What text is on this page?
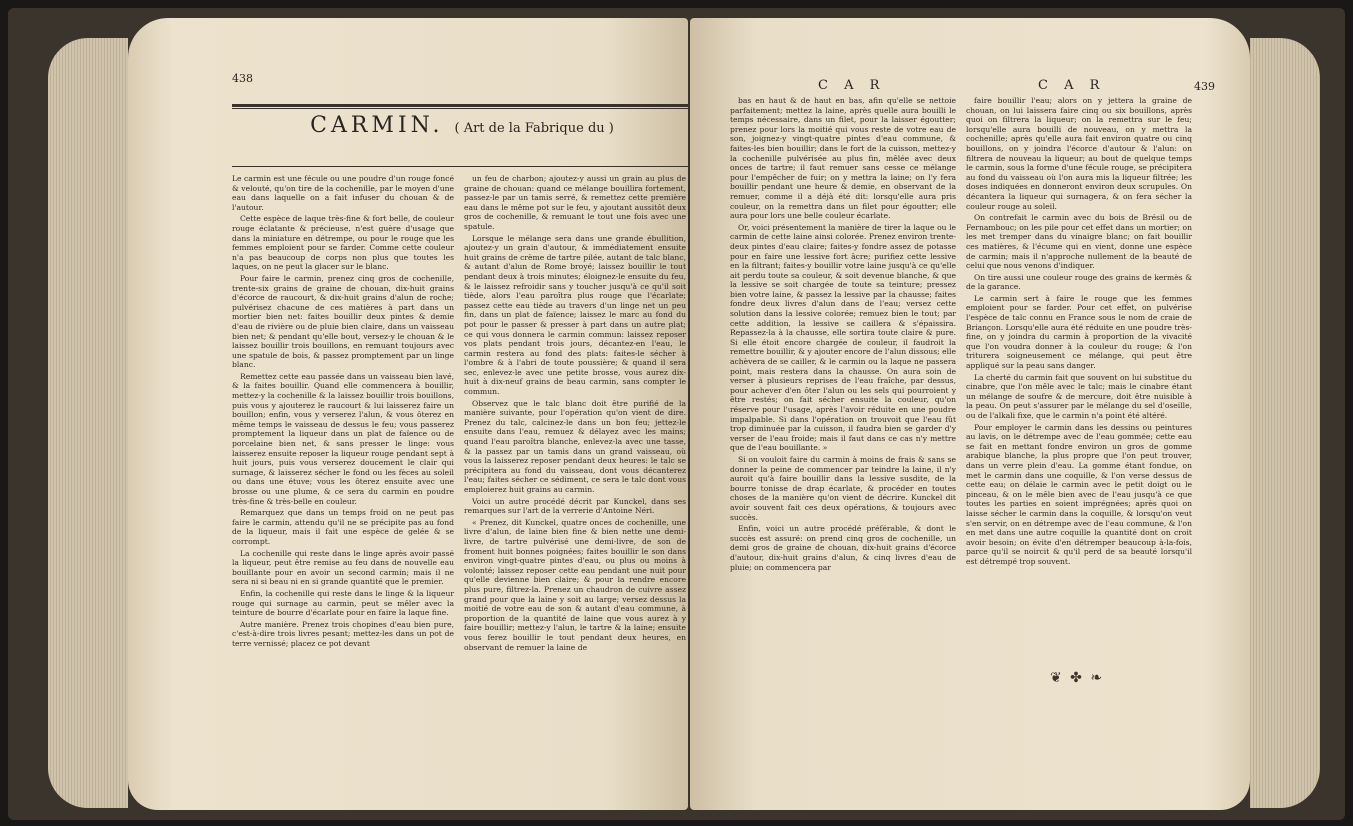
438
CARMIN. ( Art de la Fabrique du )

Le carmin est une fécule ou une poudre d'un rouge foncé & velouté, qu'on tire de la cochenille, par le moyen d'une eau dans laquelle on a fait infuser du chouan & de l'autour.

Cette espèce de laque très-fine & fort belle, de couleur rouge éclatante & précieuse, n'est guère d'usage que dans la miniature en détrempe, ou pour le rouge que les femmes emploient pour se farder. Comme cette couleur n'a pas beaucoup de corps non plus que toutes les laques, on ne peut la glacer sur le blanc.

Pour faire le carmin, prenez cinq gros de cochenille, trente-six grains de graine de chouan, dix-huit grains d'écorce de raucourt, & dix-huit grains d'alun de roche; pulvérisez chacune de ces matières à part dans un mortier bien net: faites bouillir deux pintes & demie d'eau de rivière ou de pluie bien claire, dans un vaisseau bien net; & pendant qu'elle bout, versez-y le chouan & le laissez bouillir trois bouillons, en remuant toujours avec une spatule de bois, & passez promptement par un linge blanc.

Remettez cette eau passée dans un vaisseau bien lavé, & la faites bouillir. Quand elle commencera à bouillir, mettez-y la cochenille & la laissez bouillir trois bouillons, puis vous y ajouterez le raucourt & lui laisserez faire un bouillon; enfin, vous y verserez l'alun, & vous ôterez en même temps le vaisseau de dessus le feu; vous passerez promptement la liqueur dans un plat de faïence ou de porcelaine bien net, & sans presser le linge: vous laisserez ensuite reposer la liqueur rouge pendant sept à huit jours, puis vous verserez doucement le clair qui surnage, & laisserez sécher le fond ou les fèces au soleil ou dans une étuve; vous les ôterez ensuite avec une brosse ou une plume, & ce sera du carmin en poudre très-fine & très-belle en couleur.

Remarquez que dans un temps froid on ne peut pas faire le carmin, attendu qu'il ne se précipite pas au fond de la liqueur, mais il fait une espèce de gelée & se corrompt.

La cochenille qui reste dans le linge après avoir passé la liqueur, peut être remise au feu dans de nouvelle eau bouillante pour en avoir un second carmin; mais il ne sera ni si beau ni en si grande quantité que le premier.

Enfin, la cochenille qui reste dans le linge & la liqueur rouge qui surnage au carmin, peut se mêler avec la teinture de bourre d'écarlate pour en faire la laque fine.

Autre manière. Prenez trois chopines d'eau bien pure, c'est-à-dire trois livres pesant; mettez-les dans un pot de terre vernissé; placez ce pot devant

un feu de charbon; ajoutez-y aussi un grain au plus de graine de chouan: quand ce mélange bouillira fortement, passez-le par un tamis serré, & remettez cette première eau dans le même pot sur le feu, y ajoutant aussitôt deux gros de cochenille, & remuant le tout une fois avec une spatule.

Lorsque le mélange sera dans une grande ébullition, ajoutez-y un grain d'autour, & immédiatement ensuite huit grains de crème de tartre pilée, autant de talc blanc, & autant d'alun de Rome broyé; laissez bouillir le tout pendant deux à trois minutes; éloignez-le ensuite du feu, & le laissez refroidir sans y toucher jusqu'à ce qu'il soit tiède, alors l'eau paroîtra plus rouge que l'écarlate; passez cette eau tiède au travers d'un linge net un peu fin, dans un plat de faïence; laissez le marc au fond du pot pour le passer & presser à part dans un autre plat; ce qui vous donnera le carmin commun: laissez reposer vos plats pendant trois jours, décantez-en l'eau, le carmin restera au fond des plats: faites-le sécher à l'ombre & à l'abri de toute poussière; & quand il sera sec, enlevez-le avec une petite brosse, vous aurez dix-huit à dix-neuf grains de beau carmin, sans compter le commun.

Observez que le talc blanc doit être purifié de la manière suivante, pour l'opération qu'on vient de dire. Prenez du talc, calcinez-le dans un bon feu; jettez-le ensuite dans l'eau, remuez & délayez avec les mains; quand l'eau paroîtra blanche, enlevez-la avec une tasse, & la passez par un tamis dans un grand vaisseau, où vous la laisserez reposer pendant deux heures: le talc se précipitera au fond du vaisseau, dont vous décanterez l'eau; faites sécher ce sédiment, ce sera le talc dont vous emploierez huit grains au carmin.

Voici un autre procédé décrit par Kunckel, dans ses remarques sur l'art de la verrerie d'Antoine Néri.

« Prenez, dit Kunckel, quatre onces de cochenille, une livre d'alun, de laine bien fine & bien nette une demi-livre, de tartre pulvérisé une demi-livre, de son de froment huit bonnes poignées; faites bouillir le son dans environ vingt-quatre pintes d'eau, ou plus ou moins à volonté; laissez reposer cette eau pendant une nuit pour qu'elle devienne bien claire; & pour la rendre encore plus pure, filtrez-la. Prenez un chaudron de cuivre assez grand pour que la laine y soit au large; versez dessus la moitié de votre eau de son & autant d'eau commune, à proportion de la quantité de laine que vous aurez à y faire bouillir; mettez-y l'alun, le tartre & la laine; ensuite vous ferez bouillir le tout pendant deux heures, en observant de remuer la laine de

C A R	C A R	439

bas en haut & de haut en bas, afin qu'elle se nettoie parfaitement; mettez la laine, après quelle aura bouilli le temps nécessaire, dans un filet, pour la laisser égoutter; prenez pour lors la moitié qui vous reste de votre eau de son, joignez-y vingt-quatre pintes d'eau commune, & faites-les bien bouillir; dans le fort de la cuisson, mettez-y la cochenille pulvérisée au plus fin, mêlée avec deux onces de tartre; il faut remuer sans cesse ce mélange pour l'empêcher de fuir; on y mettra la laine; on l'y fera bouillir pendant une heure & demie, en observant de la remuer, comme il a déjà été dit: lorsqu'elle aura pris couleur, on la remettra dans un filet pour égoutter; elle aura pour lors une belle couleur écarlate.

Or, voici présentement la manière de tirer la laque ou le carmin de cette laine ainsi colorée. Prenez environ trente-deux pintes d'eau claire; faites-y fondre assez de potasse pour en faire une lessive fort âcre; purifiez cette lessive en la filtrant; faites-y bouillir votre laine jusqu'à ce qu'elle ait perdu toute sa couleur, & soit devenue blanche, & que la lessive se soit chargée de toute sa teinture; pressez bien votre laine, & passez la lessive par la chausse; faites fondre deux livres d'alun dans de l'eau; versez cette solution dans la lessive colorée; remuez bien le tout; par cette addition, la lessive se caillera & s'épaissira. Repassez-la à la chausse, elle sortira toute claire & pure. Si elle étoit encore chargée de couleur, il faudroit la remettre bouillir, & y ajouter encore de l'alun dissous; elle achèvera de se cailler, & le carmin ou la laque ne passera point, mais restera dans la chausse. On aura soin de verser à plusieurs reprises de l'eau fraîche, par dessus, pour achever d'en ôter l'alun ou les sels qui pourroient y être restés; on fait sécher ensuite la couleur, qu'on réserve pour l'usage, après l'avoir réduite en une poudre impalpable. Si dans l'opération on trouvoit que l'eau fût trop diminuée par la cuisson, il faudra bien se garder d'y verser de l'eau froide; mais il faut dans ce cas n'y mettre que de l'eau bouillante. »

Si on vouloit faire du carmin à moins de frais & sans se donner la peine de commencer par teindre la laine, il n'y auroit qu'à faire bouillir dans la lessive susdite, de la bourre tonisse de drap écarlate, & procéder en toutes choses de la manière qu'on vient de décrire. Kunckel dit avoir souvent fait ces deux opérations, & toujours avec succès.

Enfin, voici un autre procédé préférable, & dont le succès est assuré: on prend cinq gros de cochenille, un demi gros de graine de chouan, dix-huit grains d'écorce d'autour, dix-huit grains d'alun, & cinq livres d'eau de pluie; on commencera par

faire bouillir l'eau; alors on y jettera la graine de chouan, on lui laissera faire cinq ou six bouillons, après quoi on filtrera la liqueur; on la remettra sur le feu; lorsqu'elle aura bouilli de nouveau, on y mettra la cochenille; après qu'elle aura fait environ quatre ou cinq bouillons, on y joindra l'écorce d'autour & l'alun: on filtrera de nouveau la liqueur; au bout de quelque temps le carmin, sous la forme d'une fécule rouge, se précipitera au fond du vaisseau où l'on aura mis la liqueur filtrée; les doses indiquées en donneront environ deux scrupules. On décantera la liqueur qui surnagera, & on fera sécher la couleur rouge au soleil.

On contrefait le carmin avec du bois de Brésil ou de Fernambouc; on les pile pour cet effet dans un mortier; on les met tremper dans du vinaigre blanc; on fait bouillir ces matières, & l'écume qui en vient, donne une espèce de carmin; mais il n'approche nullement de la beauté de celui que nous venons d'indiquer.

On tire aussi une couleur rouge des grains de kermès & de la garance.

Le carmin sert à faire le rouge que les femmes emploient pour se farder. Pour cet effet, on pulvérise l'espèce de talc connu en France sous le nom de craie de Briançon. Lorsqu'elle aura été réduite en une poudre très-fine, on y joindra du carmin à proportion de la vivacité que l'on voudra donner à la couleur du rouge; & l'on triturera soigneusement ce mélange, qui peut être appliqué sur la peau sans danger.

La cherté du carmin fait que souvent on lui substitue du cinabre, que l'on mêle avec le talc; mais le cinabre étant un mélange de soufre & de mercure, doit être nuisible à la peau. On peut s'assurer par le mélange du sel d'oseille, ou de l'alkali fixe, que le carmin n'a point été altéré.

Pour employer le carmin dans les dessins ou peintures au lavis, on le détrempe avec de l'eau gommée; cette eau se fait en mettant fondre environ un gros de gomme arabique blanche, la plus propre que l'on peut trouver, dans un verre plein d'eau. La gomme étant fondue, on met le carmin dans une coquille, & l'on verse dessus de cette eau; on délaie le carmin avec le petit doigt ou le pinceau, & on le mêle bien avec de l'eau jusqu'à ce que toutes les parties en soient imprégnées; après quoi on laisse sécher le carmin dans la coquille, & lorsqu'on veut s'en servir, on en détrempe avec de l'eau commune, & l'on en met dans une autre coquille la quantité dont on croit avoir besoin; on évite d'en détremper beaucoup à-la-fois, parce qu'il se noircit & qu'il perd de sa beauté lorsqu'il est détrempé trop souvent.

❦ ✤ ❧
